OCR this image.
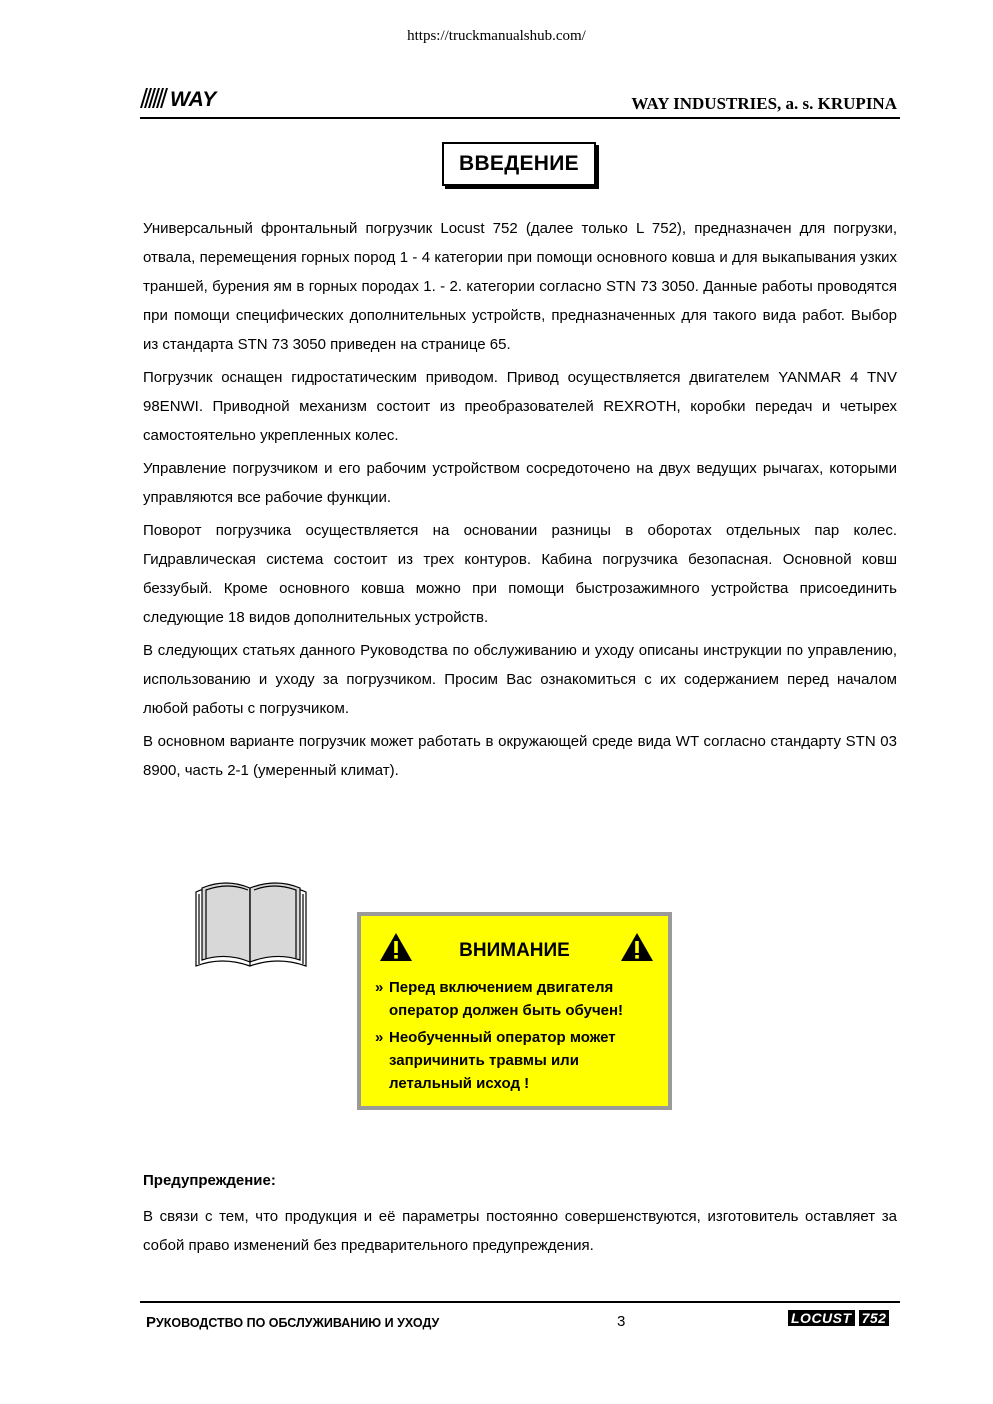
https://truckmanualshub.com/
WAY	WAY INDUSTRIES, a. s. KRUPINA
ВВЕДЕНИЕ

Универсальный фронтальный погрузчик Locust 752 (далее только L 752), предназначен для погрузки, отвала, перемещения горных пород 1 - 4 категории при помощи основного ковша и для выкапывания узких траншей, бурения ям в горных породах 1. - 2. категории согласно STN 73 3050. Данные работы проводятся при помощи специфических дополнительных устройств, предназначенных для такого вида работ. Выбор из стандарта STN 73 3050 приведен на странице 65.

Погрузчик оснащен гидростатическим приводом. Привод осуществляется двигателем YANMAR 4 TNV 98ENWI. Приводной механизм состоит из преобразователей REXROTH, коробки передач и четырех самостоятельно укрепленных колес.

Управление погрузчиком и его рабочим устройством сосредоточено на двух ведущих рычагах, которыми управляются все рабочие функции.

Поворот погрузчика осуществляется на основании разницы в оборотах отдельных пар колес. Гидравлическая система состоит из трех контуров. Кабина погрузчика безопасная. Основной ковш беззубый. Кроме основного ковша можно при помощи быстрозажимного устройства присоединить следующие 18 видов дополнительных устройств.

В следующих статьях данного Руководства по обслуживанию и уходу описаны инструкции по управлению, использованию и уходу за погрузчиком. Просим Вас ознакомиться с их содержанием перед началом любой работы с погрузчиком.

В основном варианте погрузчик может работать в окружающей среде вида WT согласно стандарту STN 03 8900, часть 2-1 (умеренный климат).

ВНИМАНИЕ
» Перед включением двигателя
оператор должен быть обучен!
» Необученный оператор может
запричинить травмы или
летальный исход !
Предупреждение:

В связи с тем, что продукция и её параметры постоянно совершенствуются, изготовитель оставляет за собой право изменений без предварительного предупреждения.

РУКОВОДСТВО ПО ОБСЛУЖИВАНИЮ И УХОДУ	3	LOCUST 752
